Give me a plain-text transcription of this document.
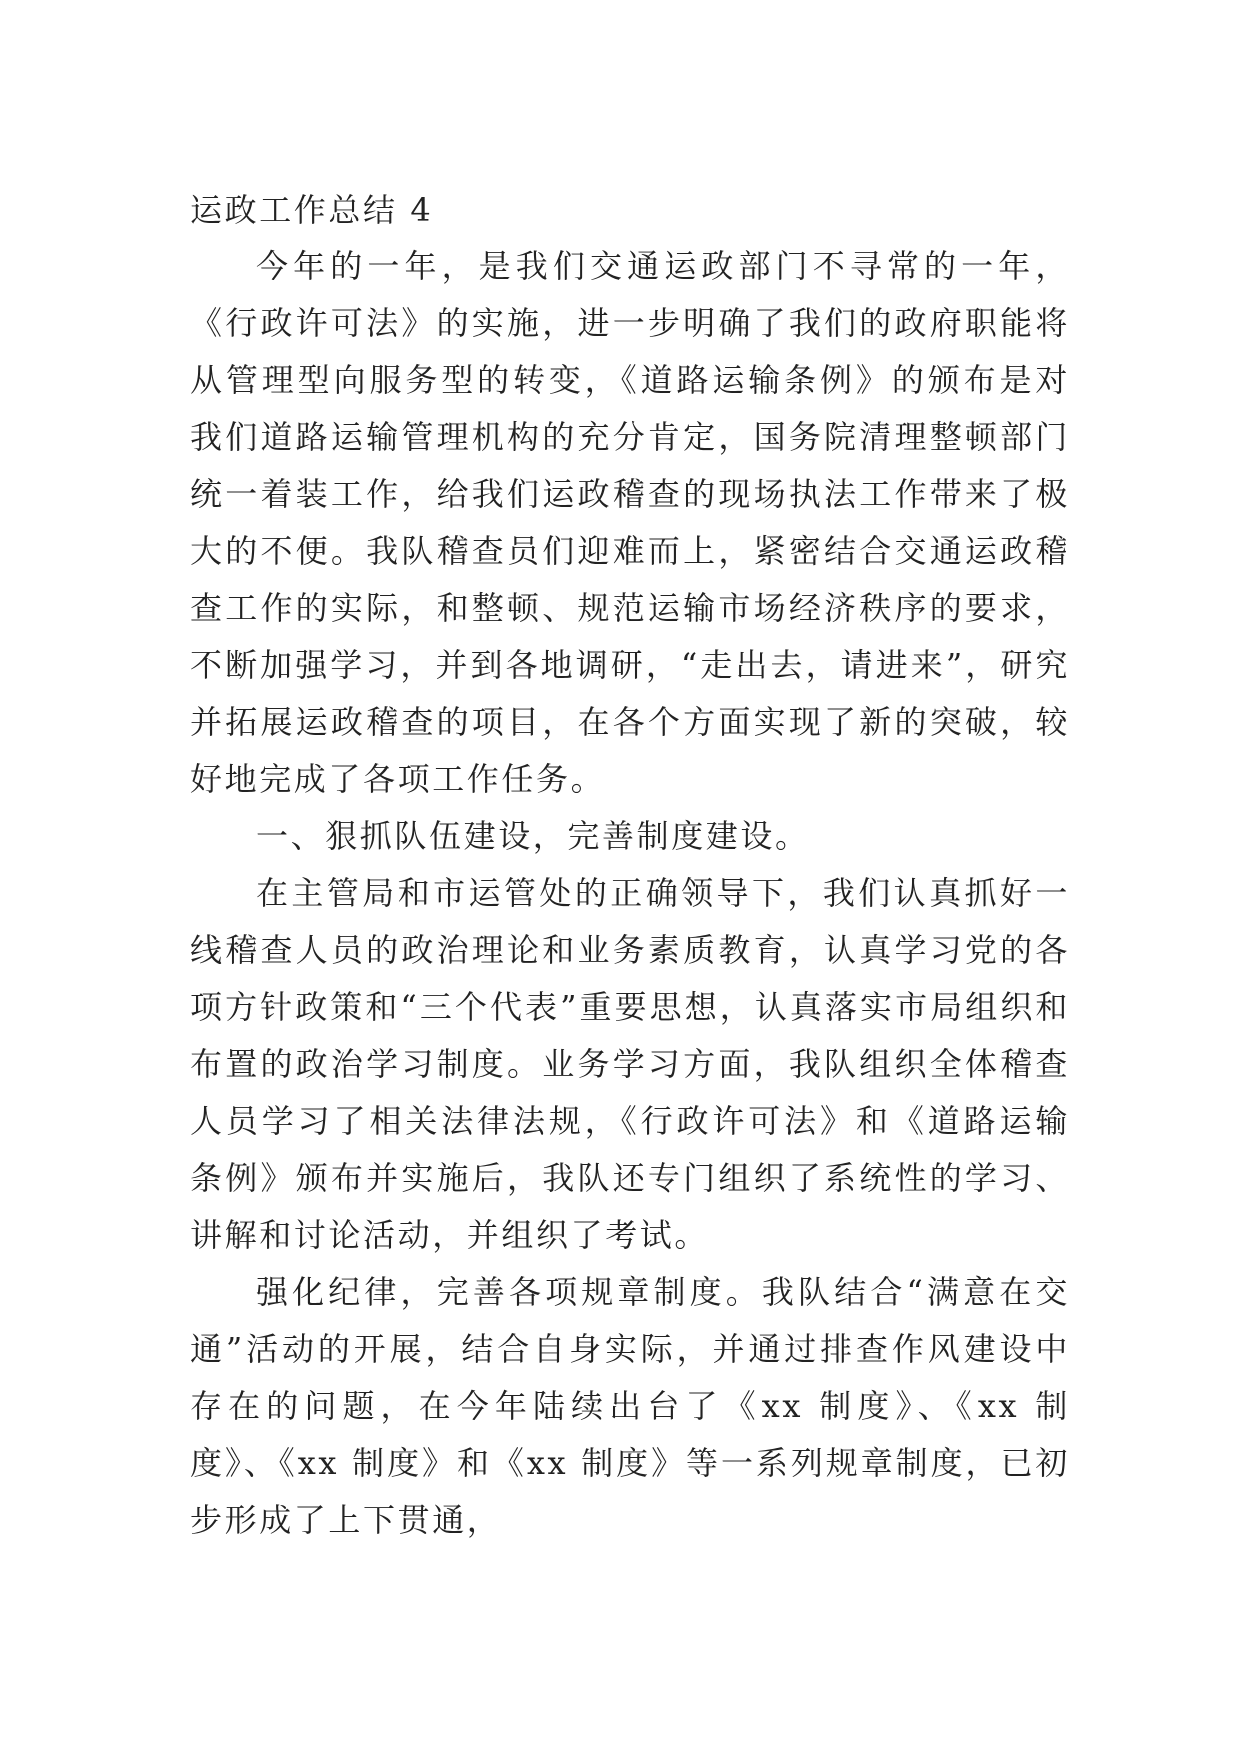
运政工作总结 4

今年的一年，是我们交通运政部门不寻常的一年，《行政许可法》的实施，进一步明确了我们的政府职能将从管理型向服务型的转变，《道路运输条例》的颁布是对我们道路运输管理机构的充分肯定，国务院清理整顿部门统一着装工作，给我们运政稽查的现场执法工作带来了极大的不便。我队稽查员们迎难而上，紧密结合交通运政稽查工作的实际，和整顿、规范运输市场经济秩序的要求，不断加强学习，并到各地调研，“走出去，请进来”，研究并拓展运政稽查的项目，在各个方面实现了新的突破，较好地完成了各项工作任务。

一、狠抓队伍建设，完善制度建设。

在主管局和市运管处的正确领导下，我们认真抓好一线稽查人员的政治理论和业务素质教育，认真学习党的各项方针政策和“三个代表”重要思想，认真落实市局组织和布置的政治学习制度。业务学习方面，我队组织全体稽查人员学习了相关法律法规，《行政许可法》和《道路运输条例》颁布并实施后，我队还专门组织了系统性的学习、讲解和讨论活动，并组织了考试。

强化纪律，完善各项规章制度。我队结合“满意在交通”活动的开展，结合自身实际，并通过排查作风建设中存在的问题，在今年陆续出台了《xx 制度》、《xx 制度》、《xx 制度》和《xx 制度》等一系列规章制度，已初步形成了上下贯通，
